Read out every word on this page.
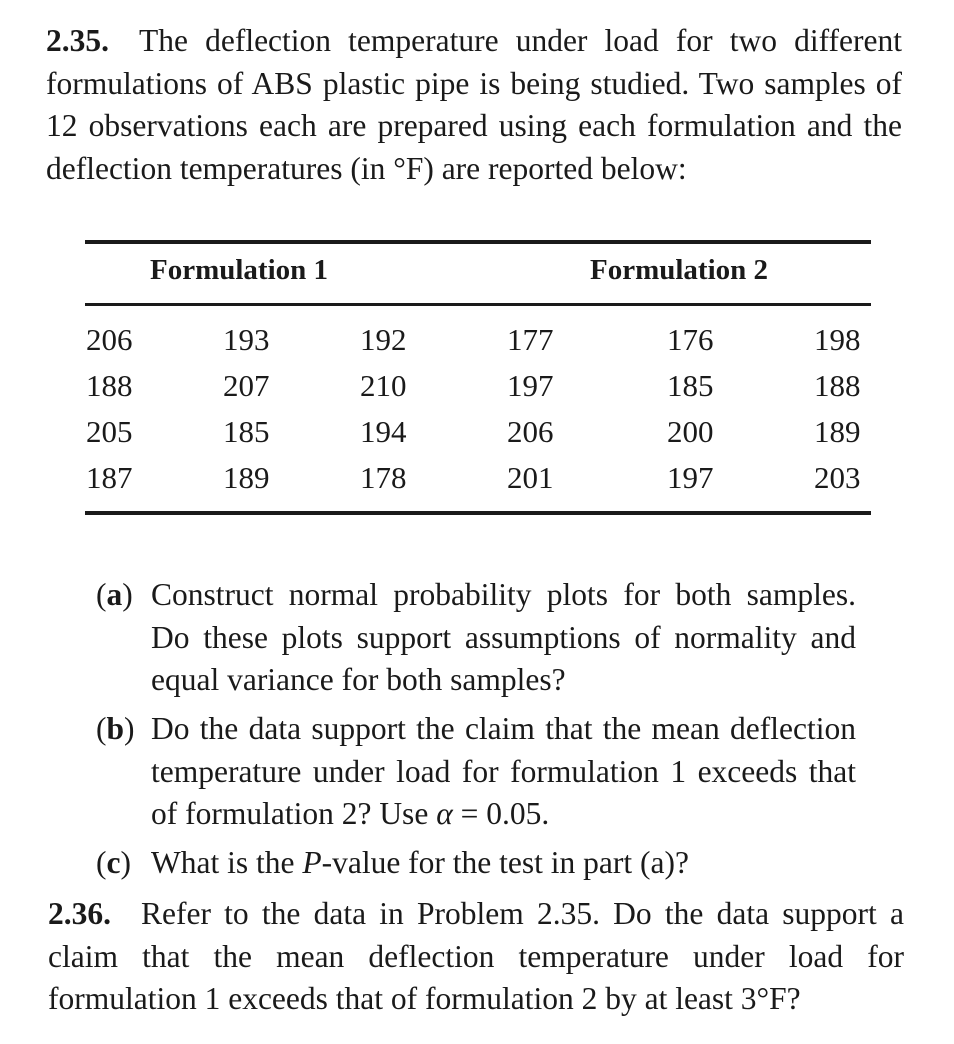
2.35. The deflection temperature under load for two different formulations of ABS plastic pipe is being studied. Two samples of 12 observations each are prepared using each formulation and the deflection temperatures (in °F) are reported below:

Formulation 1	Formulation 2
206	193	192	177	176	198
188	207	210	197	185	188
205	185	194	206	200	189
187	189	178	201	197	203
(a) Construct normal probability plots for both samples. Do these plots support assumptions of normality and equal variance for both samples?
(b) Do the data support the claim that the mean deflection temperature under load for formulation 1 exceeds that of formulation 2? Use α = 0.05.
(c) What is the P-value for the test in part (a)?

2.36. Refer to the data in Problem 2.35. Do the data support a claim that the mean deflection temperature under load for formulation 1 exceeds that of formulation 2 by at least 3°F?
